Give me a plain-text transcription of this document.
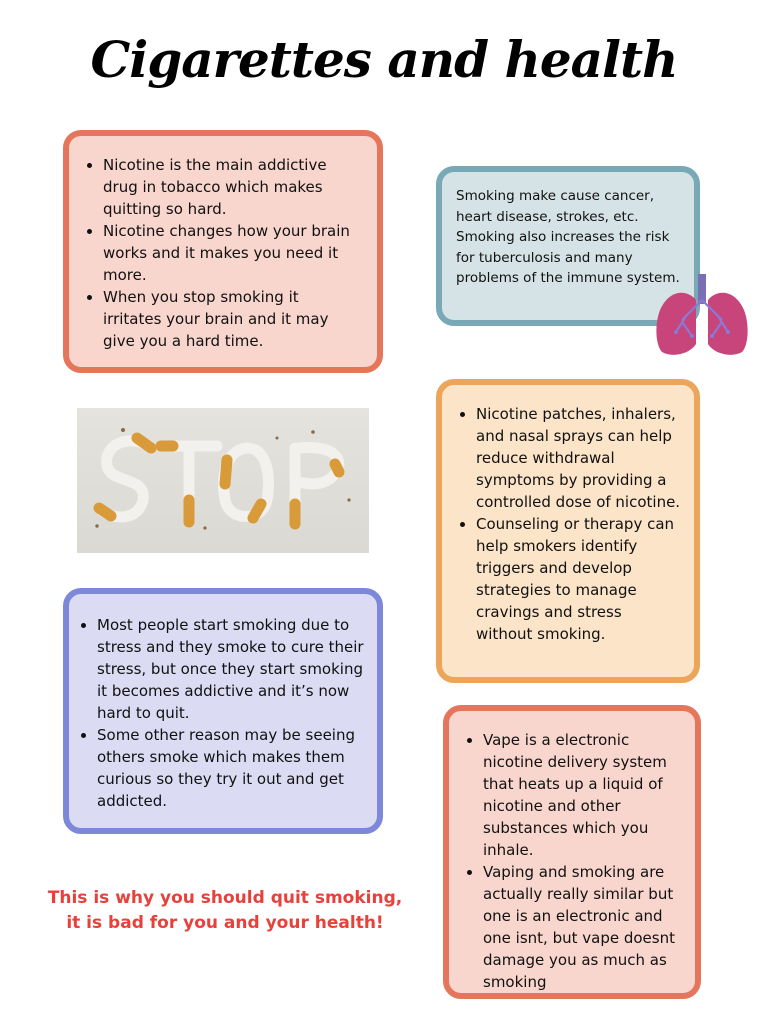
Cigarettes and health
• Nicotine is the main addictive drug in tobacco which makes quitting so hard.
• Nicotine changes how your brain works and it makes you need it more.
• When you stop smoking it irritates your brain and it may give you a hard time.

Smoking make cause cancer, heart disease, strokes, etc. Smoking also increases the risk for tuberculosis and many problems of the immune system.

• Nicotine patches, inhalers, and nasal sprays can help reduce withdrawal symptoms by providing a controlled dose of nicotine.
• Counseling or therapy can help smokers identify triggers and develop strategies to manage cravings and stress without smoking.
• Most people start smoking due to stress and they smoke to cure their stress, but once they start smoking it becomes addictive and it’s now hard to quit.
• Some other reason may be seeing others smoke which makes them curious so they try it out and get addicted.
• Vape is a electronic nicotine delivery system that heats up a liquid of nicotine and other substances which you inhale.
• Vaping and smoking are actually really similar but one is an electronic and one isnt, but vape doesnt damage you as much as smoking
This is why you should quit smoking,
it is bad for you and your health!
